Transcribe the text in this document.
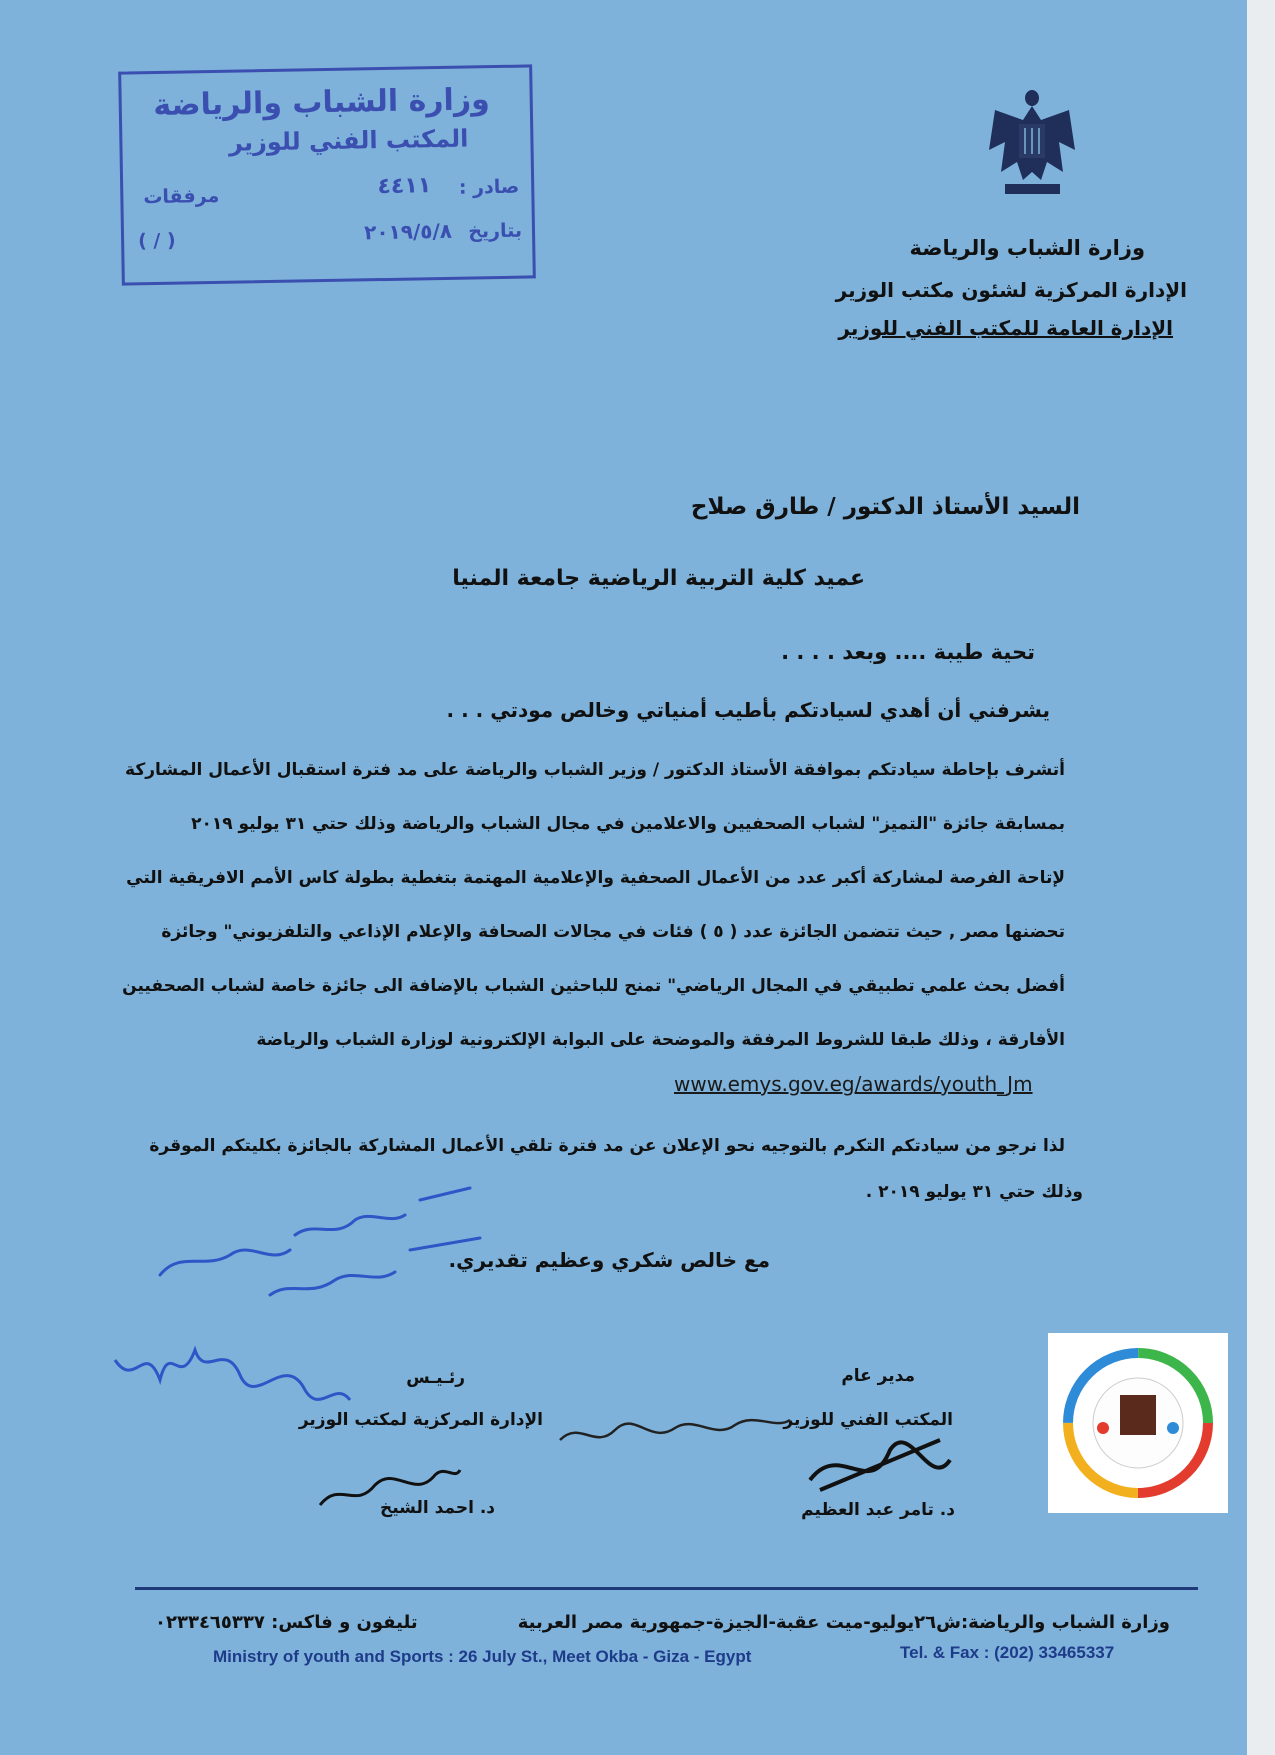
وزارة الشباب والرياضة
المكتب الفني للوزير
صادر :
٤٤١١
مرفقات
بتاريخ
٢٠١٩/٥/٨
( / )	وزارة الشباب والرياضة
الإدارة المركزية لشئون مكتب الوزير
الإدارة العامة للمكتب الفني للوزير
السيد الأستاذ الدكتور / طارق صلاح
عميد كلية التربية الرياضية جامعة المنيا
تحية طيبة .... وبعد . . . .
يشرفني أن أهدي لسيادتكم بأطيب أمنياتي وخالص مودتي . . .
أتشرف بإحاطة سيادتكم بموافقة الأستاذ الدكتور / وزير الشباب والرياضة على مد فترة استقبال الأعمال المشاركة
بمسابقة جائزة "التميز" لشباب الصحفيين والاعلامين في مجال الشباب والرياضة وذلك حتي ٣١ يوليو ٢٠١٩
لإتاحة الفرصة لمشاركة أكبر عدد من الأعمال الصحفية والإعلامية المهتمة بتغطية بطولة كاس الأمم الافريقية التي
تحضنها مصر , حيث تتضمن الجائزة عدد ( ٥ ) فئات في مجالات الصحافة والإعلام الإذاعي والتلفزيوني" وجائزة
أفضل بحث علمي تطبيقي في المجال الرياضي" تمنح للباحثين الشباب بالإضافة الى جائزة خاصة لشباب الصحفيين
الأفارقة ، وذلك طبقا للشروط المرفقة والموضحة على البوابة الإلكترونية لوزارة الشباب والرياضة
www.emys.gov.eg/awards/youth_Jm
لذا نرجو من سيادتكم التكرم بالتوجيه نحو الإعلان عن مد فترة تلقي الأعمال المشاركة بالجائزة بكليتكم الموقرة
وذلك حتي ٣١ يوليو ٢٠١٩ .
مع خالص شكري وعظيم تقديري.
رئـيـس
الإدارة المركزية لمكتب الوزير
د. احمد الشيخ
مدير عام
المكتب الفني للوزير
د. تامر عبد العظيم
وزارة الشباب والرياضة:ش٢٦يوليو-ميت عقبة-الجيزة-جمهورية مصر العربية
تليفون و فاكس: ٠٢٣٣٤٦٥٣٣٧
Ministry of youth and Sports : 26 July St., Meet Okba - Giza - Egypt	Tel. & Fax : (202) 33465337
